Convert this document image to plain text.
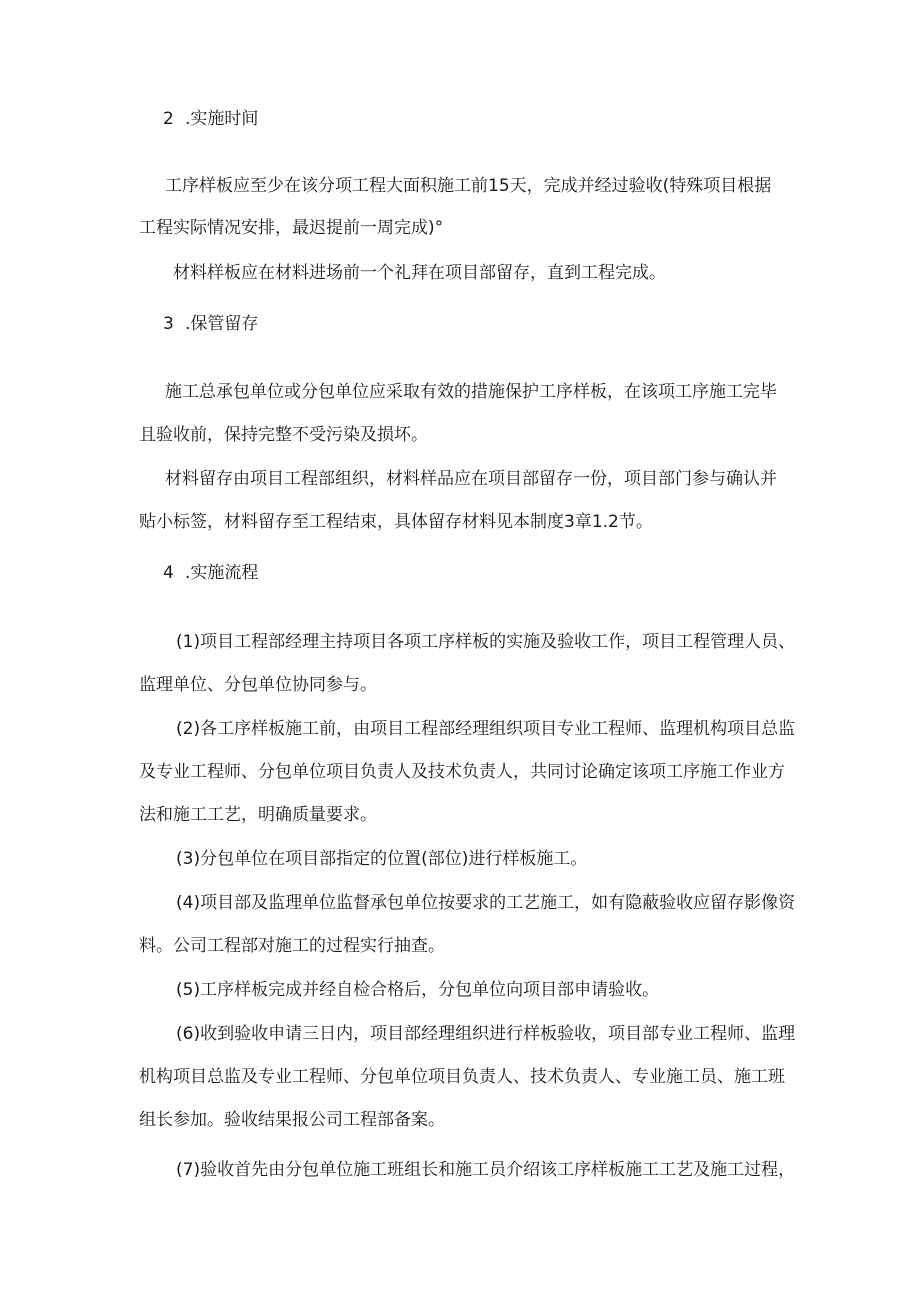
2 .实施时间
工序样板应至少在该分项工程大面积施工前15天，完成并经过验收(特殊项目根据
工程实际情况安排，最迟提前一周完成)°
材料样板应在材料进场前一个礼拜在项目部留存，直到工程完成。
3 .保管留存
施工总承包单位或分包单位应采取有效的措施保护工序样板，在该项工序施工完毕
且验收前，保持完整不受污染及损坏。
材料留存由项目工程部组织，材料样品应在项目部留存一份，项目部门参与确认并
贴小标签，材料留存至工程结束，具体留存材料见本制度3章1.2节。
4 .实施流程
(1)项目工程部经理主持项目各项工序样板的实施及验收工作，项目工程管理人员、
监理单位、分包单位协同参与。
(2)各工序样板施工前，由项目工程部经理组织项目专业工程师、监理机构项目总监
及专业工程师、分包单位项目负责人及技术负责人，共同讨论确定该项工序施工作业方
法和施工工艺，明确质量要求。
(3)分包单位在项目部指定的位置(部位)进行样板施工。
(4)项目部及监理单位监督承包单位按要求的工艺施工，如有隐蔽验收应留存影像资
料。公司工程部对施工的过程实行抽查。
(5)工序样板完成并经自检合格后，分包单位向项目部申请验收。
(6)收到验收申请三日内，项目部经理组织进行样板验收，项目部专业工程师、监理
机构项目总监及专业工程师、分包单位项目负责人、技术负责人、专业施工员、施工班
组长参加。验收结果报公司工程部备案。
(7)验收首先由分包单位施工班组长和施工员介绍该工序样板施工工艺及施工过程，
